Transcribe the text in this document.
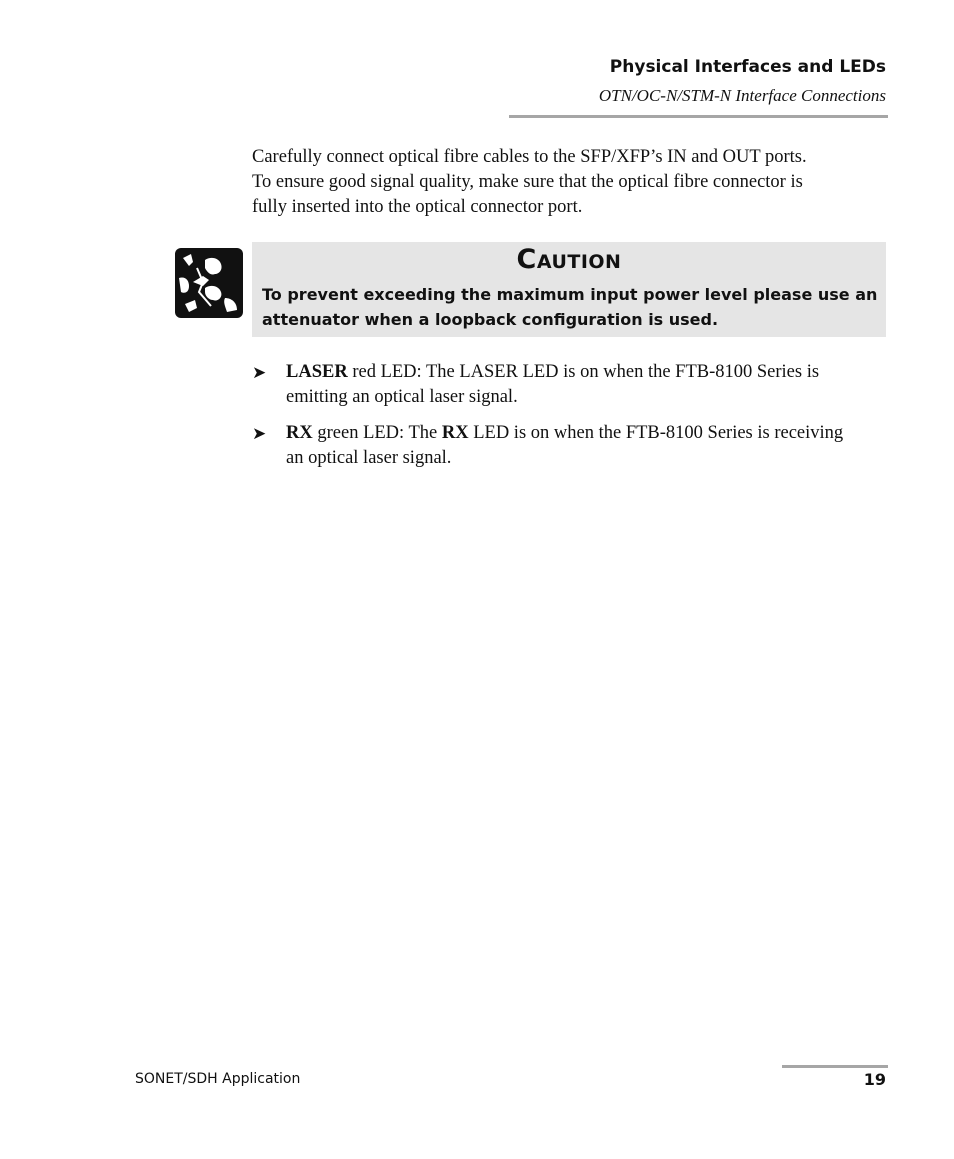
Physical Interfaces and LEDs
OTN/OC-N/STM-N Interface Connections

Carefully connect optical fibre cables to the SFP/XFP’s IN and OUT ports.
To ensure good signal quality, make sure that the optical fibre connector is
fully inserted into the optical connector port.

Caution
To prevent exceeding the maximum input power level please use an
attenuator when a loopback configuration is used.
➤ LASER red LED: The LASER LED is on when the FTB-8100 Series is
emitting an optical laser signal.
➤ RX green LED: The RX LED is on when the FTB-8100 Series is receiving
an optical laser signal.
SONET/SDH Application	19
